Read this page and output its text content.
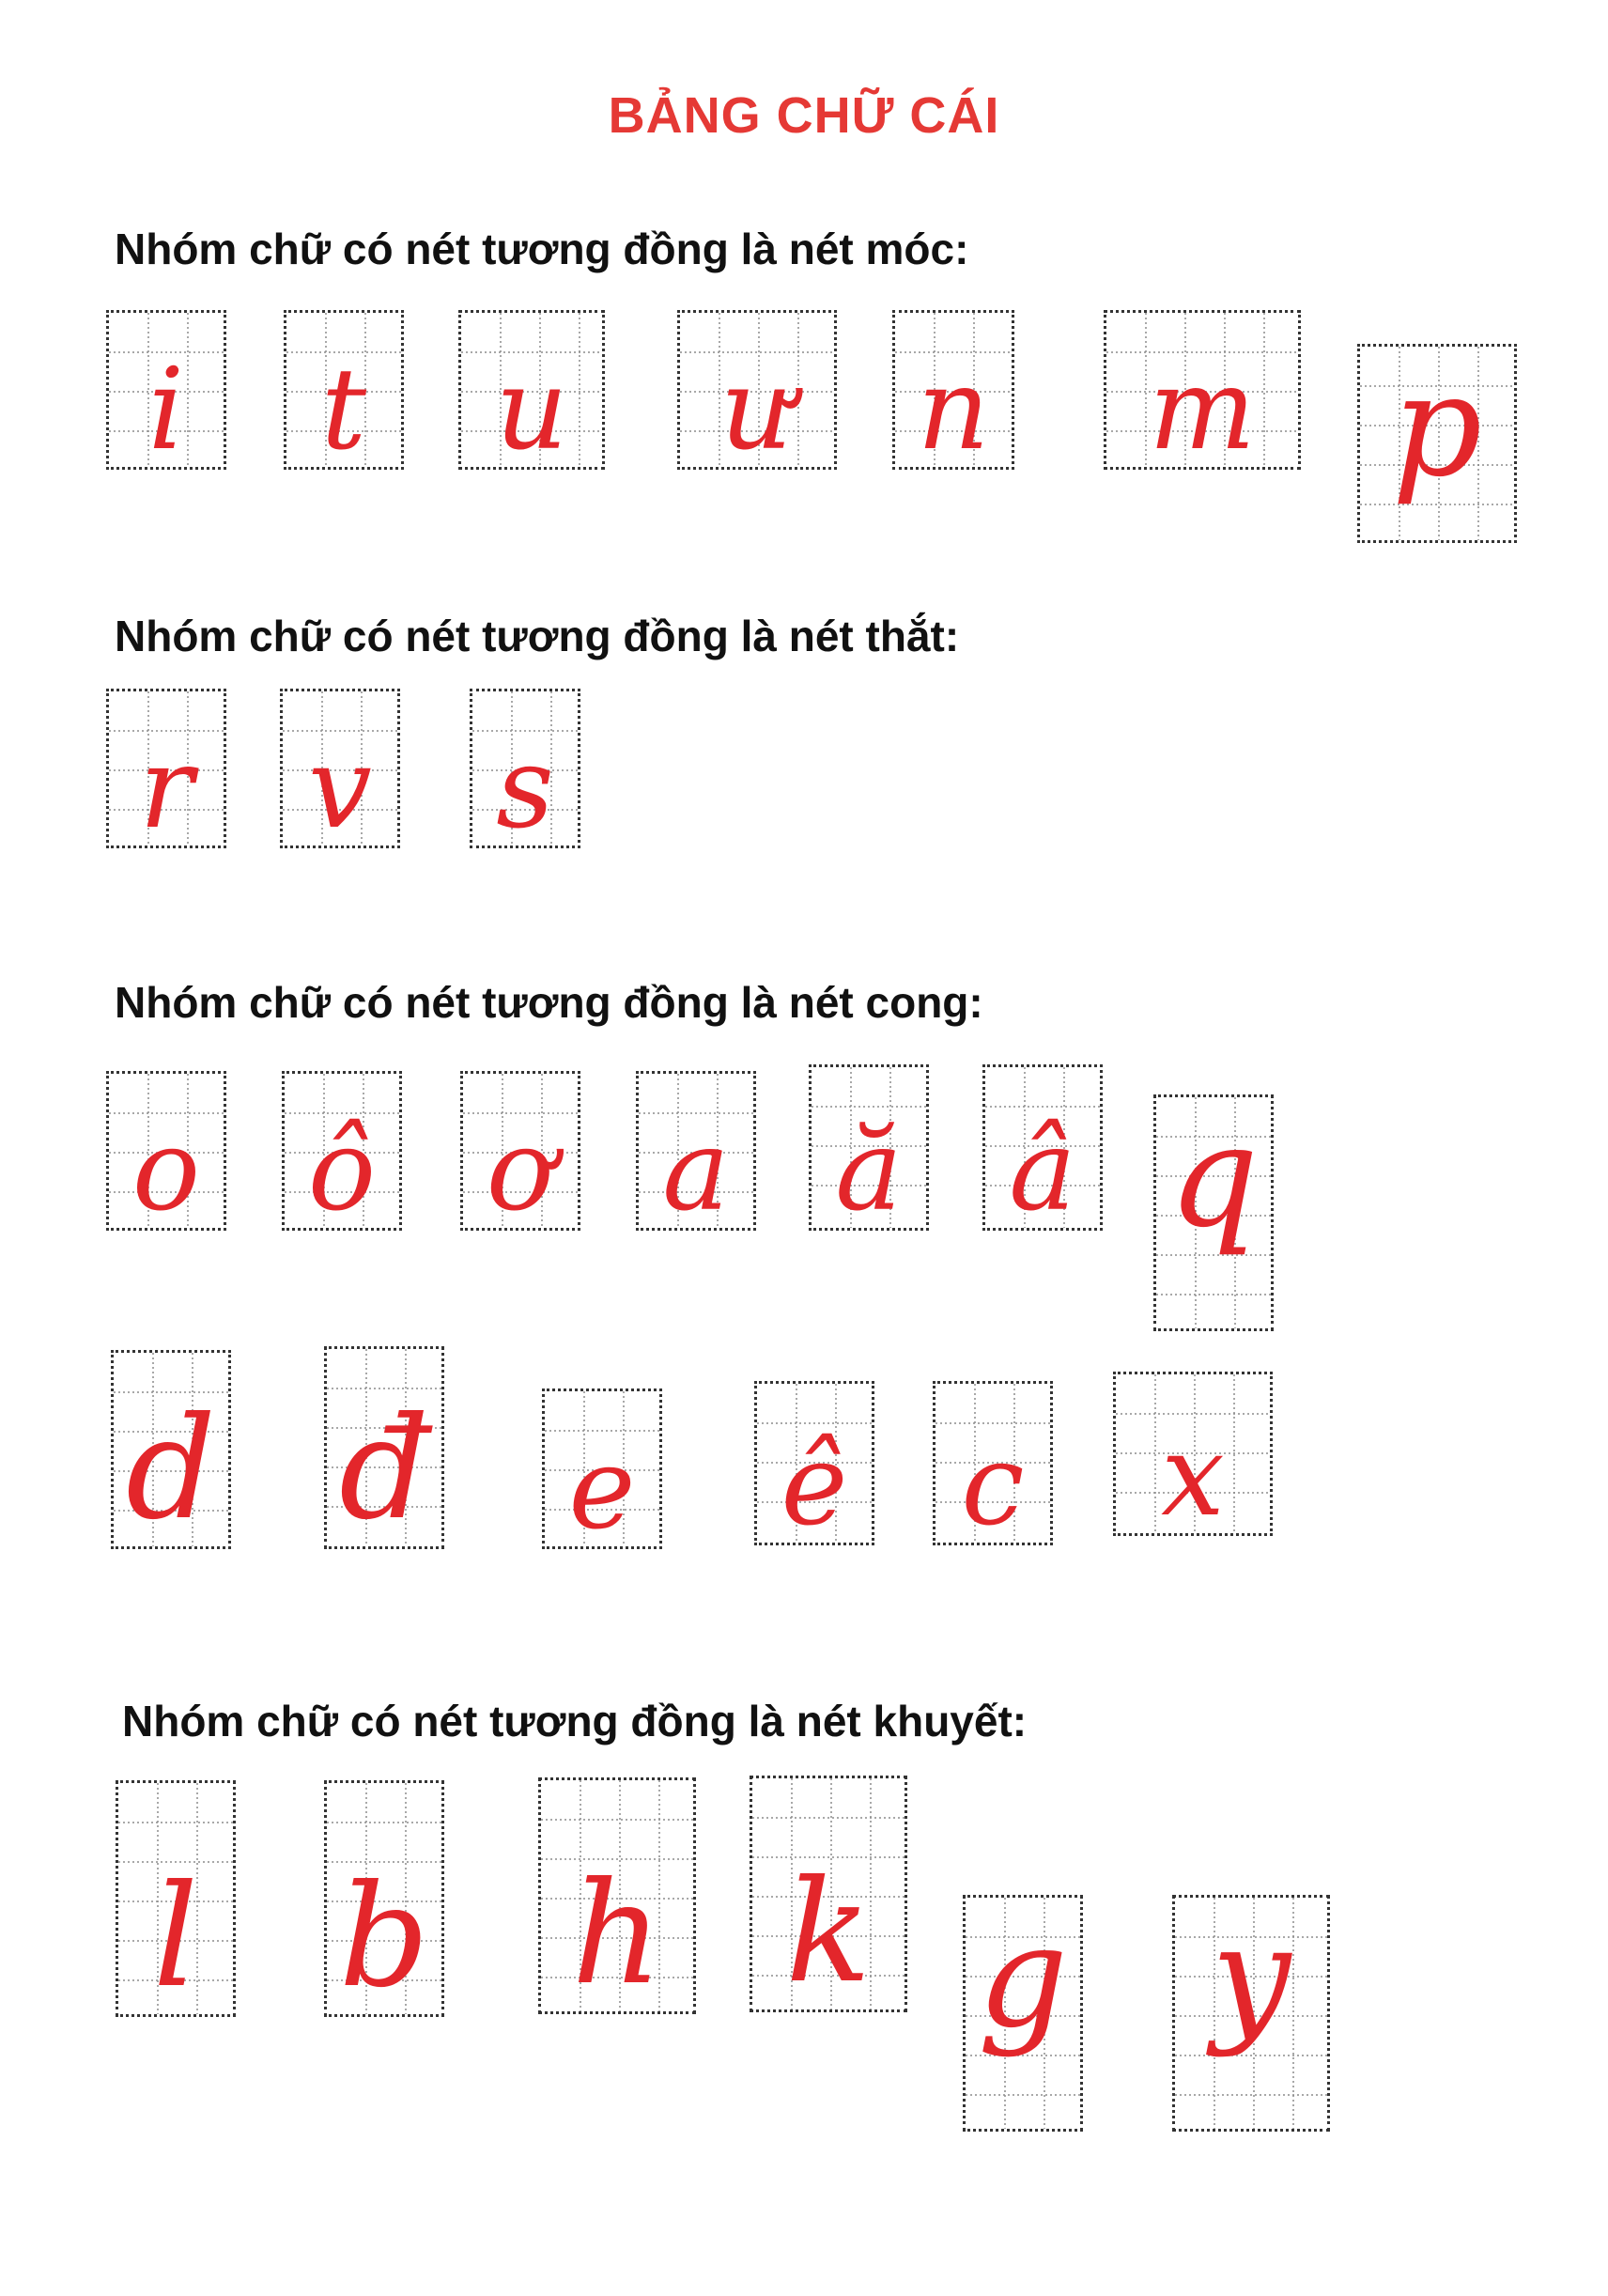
BẢNG CHỮ CÁI
Nhóm chữ có nét tương đồng là nét móc:
Nhóm chữ có nét tương đồng là nét thắt:
Nhóm chữ có nét tương đồng là nét cong:
Nhóm chữ có nét tương đồng là nét khuyết:
i	t	u	ư	n	m p
r v s
o ô ơ a ă â q
d đ e ê c	x
l b h k g y
